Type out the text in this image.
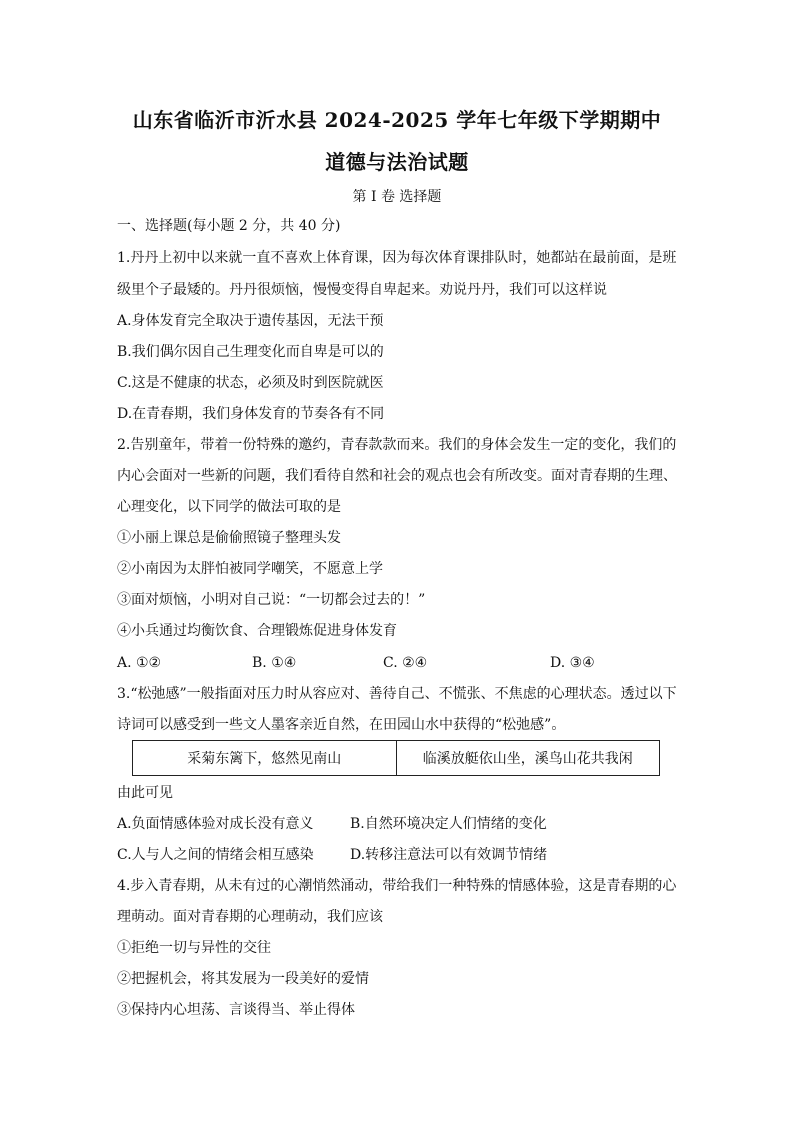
山东省临沂市沂水县 2024-2025 学年七年级下学期期中
道德与法治试题

第 I 卷 选择题

一、选择题(每小题 2 分，共 40 分)

1.丹丹上初中以来就一直不喜欢上体育课，因为每次体育课排队时，她都站在最前面，是班

级里个子最矮的。丹丹很烦恼，慢慢变得自卑起来。劝说丹丹，我们可以这样说

A.身体发育完全取决于遗传基因，无法干预

B.我们偶尔因自己生理变化而自卑是可以的

C.这是不健康的状态，必须及时到医院就医

D.在青春期，我们身体发育的节奏各有不同

2.告别童年，带着一份特殊的邀约，青春款款而来。我们的身体会发生一定的变化，我们的

内心会面对一些新的问题，我们看待自然和社会的观点也会有所改变。面对青春期的生理、

心理变化，以下同学的做法可取的是

①小丽上课总是偷偷照镜子整理头发

②小南因为太胖怕被同学嘲笑，不愿意上学

③面对烦恼，小明对自己说：“一切都会过去的！”

④小兵通过均衡饮食、合理锻炼促进身体发育

A. ①②	B. ①④	C. ②④	D. ③④

3.“松弛感”一般指面对压力时从容应对、善待自己、不慌张、不焦虑的心理状态。透过以下

诗词可以感受到一些文人墨客亲近自然，在田园山水中获得的“松弛感”。

采菊东篱下，悠然见南山	临溪放艇依山坐，溪鸟山花共我闲

由此可见

A.负面情感体验对成长没有意义	B.自然环境决定人们情绪的变化
C.人与人之间的情绪会相互感染	D.转移注意法可以有效调节情绪

4.步入青春期，从未有过的心潮悄然涌动，带给我们一种特殊的情感体验，这是青春期的心

理萌动。面对青春期的心理萌动，我们应该

①拒绝一切与异性的交往

②把握机会，将其发展为一段美好的爱情

③保持内心坦荡、言谈得当、举止得体
